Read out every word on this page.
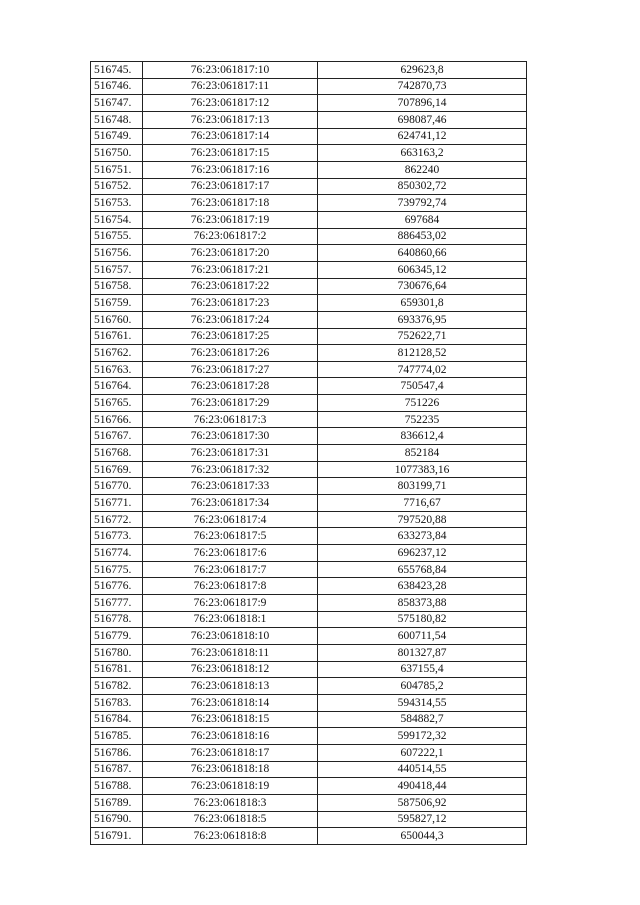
516745.	76:23:061817:10	629623,8
516746.	76:23:061817:11	742870,73
516747.	76:23:061817:12	707896,14
516748.	76:23:061817:13	698087,46
516749.	76:23:061817:14	624741,12
516750.	76:23:061817:15	663163,2
516751.	76:23:061817:16	862240
516752.	76:23:061817:17	850302,72
516753.	76:23:061817:18	739792,74
516754.	76:23:061817:19	697684
516755.	76:23:061817:2	886453,02
516756.	76:23:061817:20	640860,66
516757.	76:23:061817:21	606345,12
516758.	76:23:061817:22	730676,64
516759.	76:23:061817:23	659301,8
516760.	76:23:061817:24	693376,95
516761.	76:23:061817:25	752622,71
516762.	76:23:061817:26	812128,52
516763.	76:23:061817:27	747774,02
516764.	76:23:061817:28	750547,4
516765.	76:23:061817:29	751226
516766.	76:23:061817:3	752235
516767.	76:23:061817:30	836612,4
516768.	76:23:061817:31	852184
516769.	76:23:061817:32	1077383,16
516770.	76:23:061817:33	803199,71
516771.	76:23:061817:34	7716,67
516772.	76:23:061817:4	797520,88
516773.	76:23:061817:5	633273,84
516774.	76:23:061817:6	696237,12
516775.	76:23:061817:7	655768,84
516776.	76:23:061817:8	638423,28
516777.	76:23:061817:9	858373,88
516778.	76:23:061818:1	575180,82
516779.	76:23:061818:10	600711,54
516780.	76:23:061818:11	801327,87
516781.	76:23:061818:12	637155,4
516782.	76:23:061818:13	604785,2
516783.	76:23:061818:14	594314,55
516784.	76:23:061818:15	584882,7
516785.	76:23:061818:16	599172,32
516786.	76:23:061818:17	607222,1
516787.	76:23:061818:18	440514,55
516788.	76:23:061818:19	490418,44
516789.	76:23:061818:3	587506,92
516790.	76:23:061818:5	595827,12
516791.	76:23:061818:8	650044,3
